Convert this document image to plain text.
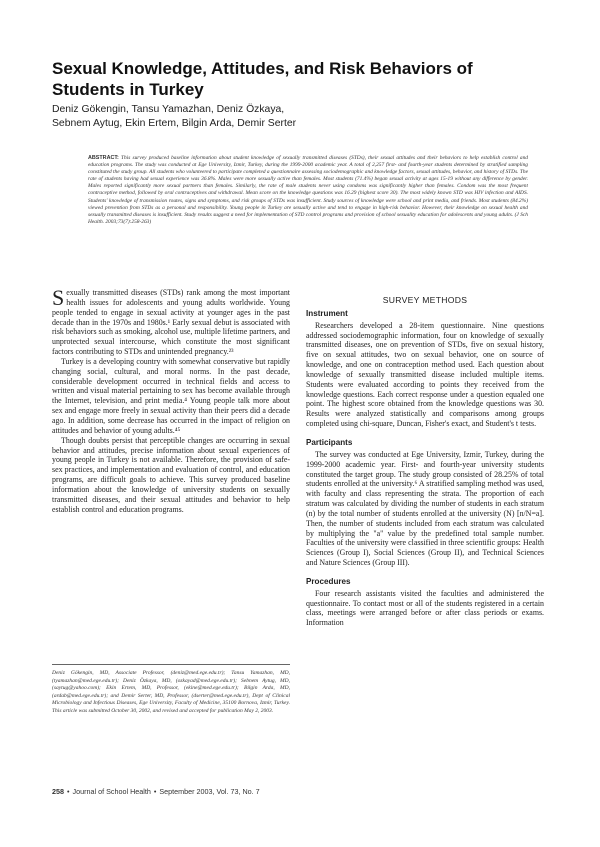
Sexual Knowledge, Attitudes, and Risk Behaviors of Students in Turkey
Deniz Gökengin, Tansu Yamazhan, Deniz Özkaya,
Sebnem Aytug, Ekin Ertem, Bilgin Arda, Demir Serter
ABSTRACT: This survey produced baseline information about student knowledge of sexually transmitted diseases (STDs), their sexual attitudes and their behaviors to help establish control and education programs. The study was conducted at Ege University, Izmir, Turkey, during the 1999-2000 academic year. A total of 2,257 first- and fourth-year students determined by stratified sampling constituted the study group. All students who volunteered to participate completed a questionnaire assessing sociodemographic and knowledge factors, sexual attitudes, behavior, and history of STDs. The rate of students having had sexual experience was 36.8%. Males were more sexually active than females. Most students (71.4%) began sexual activity at ages 15-19 without any difference by gender. Males reported significantly more sexual partners than females. Similarly, the rate of male students never using condoms was significantly higher than females. Condom was the most frequent contraceptive method, followed by oral contraceptives and withdrawal. Mean score on the knowledge questions was 16.29 (highest score 30). The most widely known STD was HIV infection and AIDS. Students' knowledge of transmission routes, signs and symptoms, and risk groups of STDs was insufficient. Study sources of knowledge were school and print media, and friends. Most students (84.2%) viewed prevention from STDs as a personal and responsibility. Young people in Turkey are sexually active and tend to engage in high-risk behavior. However, their knowledge on sexual health and sexually transmitted diseases is insufficient. Study results suggest a need for implementation of STD control programs and provision of school sexuality education for adolescents and young adults. (J Sch Health. 2003;73(7):258-263)

Sexually transmitted diseases (STDs) rank among the most important health issues for adolescents and young adults worldwide. Young people tended to engage in sexual activity at younger ages in the past decade than in the 1970s and 1980s.¹ Early sexual debut is associated with risk behaviors such as smoking, alcohol use, multiple lifetime partners, and unprotected sexual intercourse, which constitute the most significant factors contributing to STDs and unintended pregnancy.²³

Turkey is a developing country with somewhat conservative but rapidly changing social, cultural, and moral norms. In the past decade, considerable development occurred in technical fields and access to written and visual material pertaining to sex has become available through the Internet, television, and print media.⁴ Young people talk more about sex and engage more freely in sexual activity than their peers did a decade ago. In addition, some decrease has occurred in the impact of religion on attitudes and behavior of young adults.⁴⁵

Though doubts persist that perceptible changes are occurring in sexual behavior and attitudes, precise information about sexual experiences of young people in Turkey is not available. Therefore, the provision of safe-sex practices, and implementation and evaluation of control, and education programs, are difficult goals to achieve. This survey produced baseline information about the knowledge of university students on sexually transmitted diseases, and their sexual attitudes and behavior to help establish control and education programs.

SURVEY METHODS
Instrument

Researchers developed a 28-item questionnaire. Nine questions addressed sociodemographic information, four on knowledge of sexually transmitted diseases, one on prevention of STDs, five on sexual history, five on sexual attitudes, two on sexual behavior, one on source of knowledge, and one on contraception method used. Each question about knowledge of sexually transmitted disease included multiple items. Students were evaluated according to points they received from the knowledge questions. Each correct response under a question equaled one point. The highest score obtained from the knowledge questions was 30. Results were analyzed statistically and comparisons among groups completed using chi-square, Duncan, Fisher's exact, and Student's t tests.

Participants

The survey was conducted at Ege University, Izmir, Turkey, during the 1999-2000 academic year. First- and fourth-year university students constituted the target group. The study group consisted of 28.25% of total students enrolled at the university.⁶ A stratified sampling method was used, with faculty and class representing the strata. The proportion of each stratum was calculated by dividing the number of students in each stratum (n) by the total number of students enrolled at the university (N) [n/N=a]. Then, the number of students included from each stratum was calculated by multiplying the "a" value by the predefined total sample number. Faculties of the university were classified in three scientific groups: Health Sciences (Group I), Social Sciences (Group II), and Technical Sciences and Nature Sciences (Group III).

Procedures

Four research assistants visited the faculties and administered the questionnaire. To contact most or all of the students registered in a certain class, meetings were arranged before or after class periods or exams. Information

Deniz Gökengin, MD, Associate Professor, (deniz@med.ege.edu.tr); Tansu Yamazhan, MD, (tyamazhan@med.ege.edu.tr); Deniz Özkaya, MD, (ozkayad@med.ege.edu.tr); Sebnem Aytug, MD, (saytug@yahoo.com); Ekin Ertem, MD, Professor, (ekine@med.ege.edu.tr); Bilgin Arda, MD, (ardab@med.ege.edu.tr); and Demir Serter, MD, Professor, (dserter@med.ege.edu.tr), Dept of Clinical Microbiology and Infectious Diseases, Ege University, Faculty of Medicine, 35100 Bornova, Izmir, Turkey. This article was submitted October 30, 2002, and revised and accepted for publication May 2, 2003.
258 • Journal of School Health • September 2003, Vol. 73, No. 7
